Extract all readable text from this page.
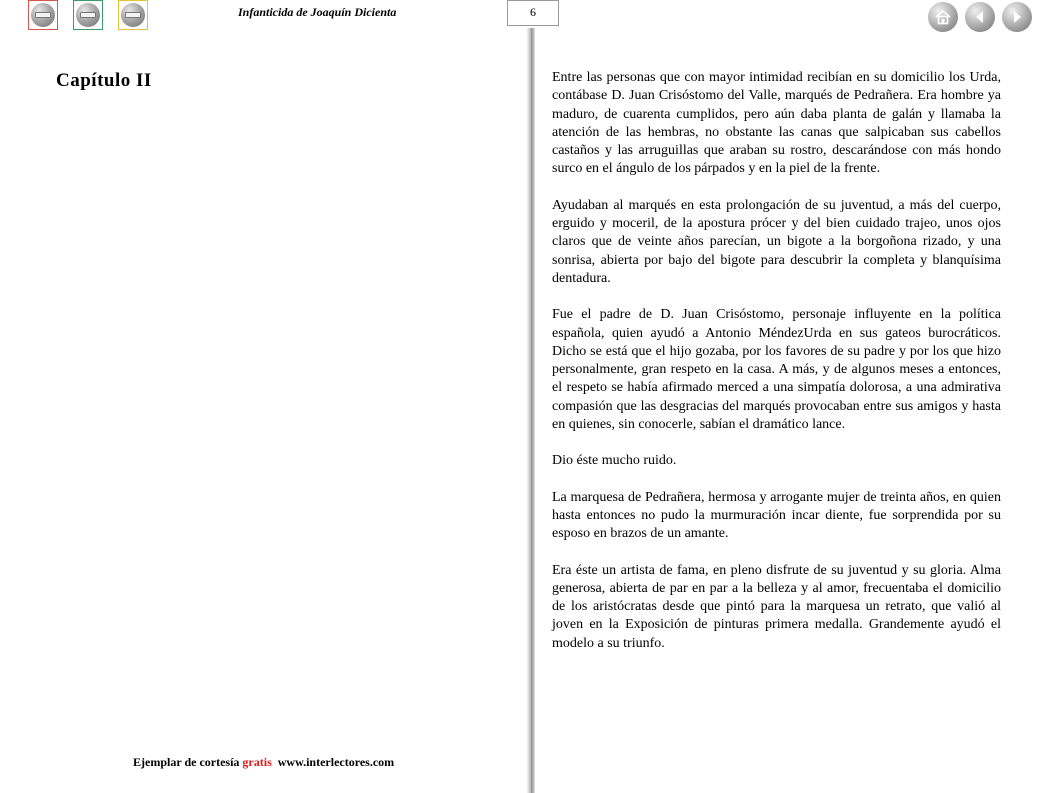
Infanticida de Joaquín Dicienta	6
Capítulo II	Entre las personas que con mayor intimidad recibían en su domicilio los Urda, contábase D. Juan Crisóstomo del Valle, marqués de Pedrañera. Era hombre ya maduro, de cuarenta cumplidos, pero aún daba planta de galán y llamaba la atención de las hembras, no obstante las canas que salpicaban sus cabellos castaños y las arruguillas que araban su rostro, descarándose con más hondo surco en el ángulo de los párpados y en la piel de la frente.

Ayudaban al marqués en esta prolongación de su juventud, a más del cuerpo, erguido y moceril, de la apostura prócer y del bien cuidado trajeo, unos ojos claros que de veinte años parecían, un bigote a la borgoñona rizado, y una sonrisa, abierta por bajo del bigote para descubrir la completa y blanquísima dentadura.

Fue el padre de D. Juan Crisóstomo, personaje influyente en la política española, quien ayudó a Antonio MéndezUrda en sus gateos burocráticos. Dicho se está que el hijo gozaba, por los favores de su padre y por los que hizo personalmente, gran respeto en la casa. A más, y de algunos meses a entonces, el respeto se había afirmado merced a una simpatía dolorosa, a una admirativa compasión que las desgracias del marqués provocaban entre sus amigos y hasta en quienes, sin conocerle, sabían el dramático lance.

Dio éste mucho ruido.

La marquesa de Pedrañera, hermosa y arrogante mujer de treinta años, en quien hasta entonces no pudo la murmuración incar diente, fue sorprendida por su esposo en brazos de un amante.

Era éste un artista de fama, en pleno disfrute de su juventud y su gloria. Alma generosa, abierta de par en par a la belleza y al amor, frecuentaba el domicilio de los aristócratas desde que pintó para la marquesa un retrato, que valió al joven en la Exposición de pinturas primera medalla. Grandemente ayudó el modelo a su triunfo.

Ejemplar de cortesía gratis www.interlectores.com
